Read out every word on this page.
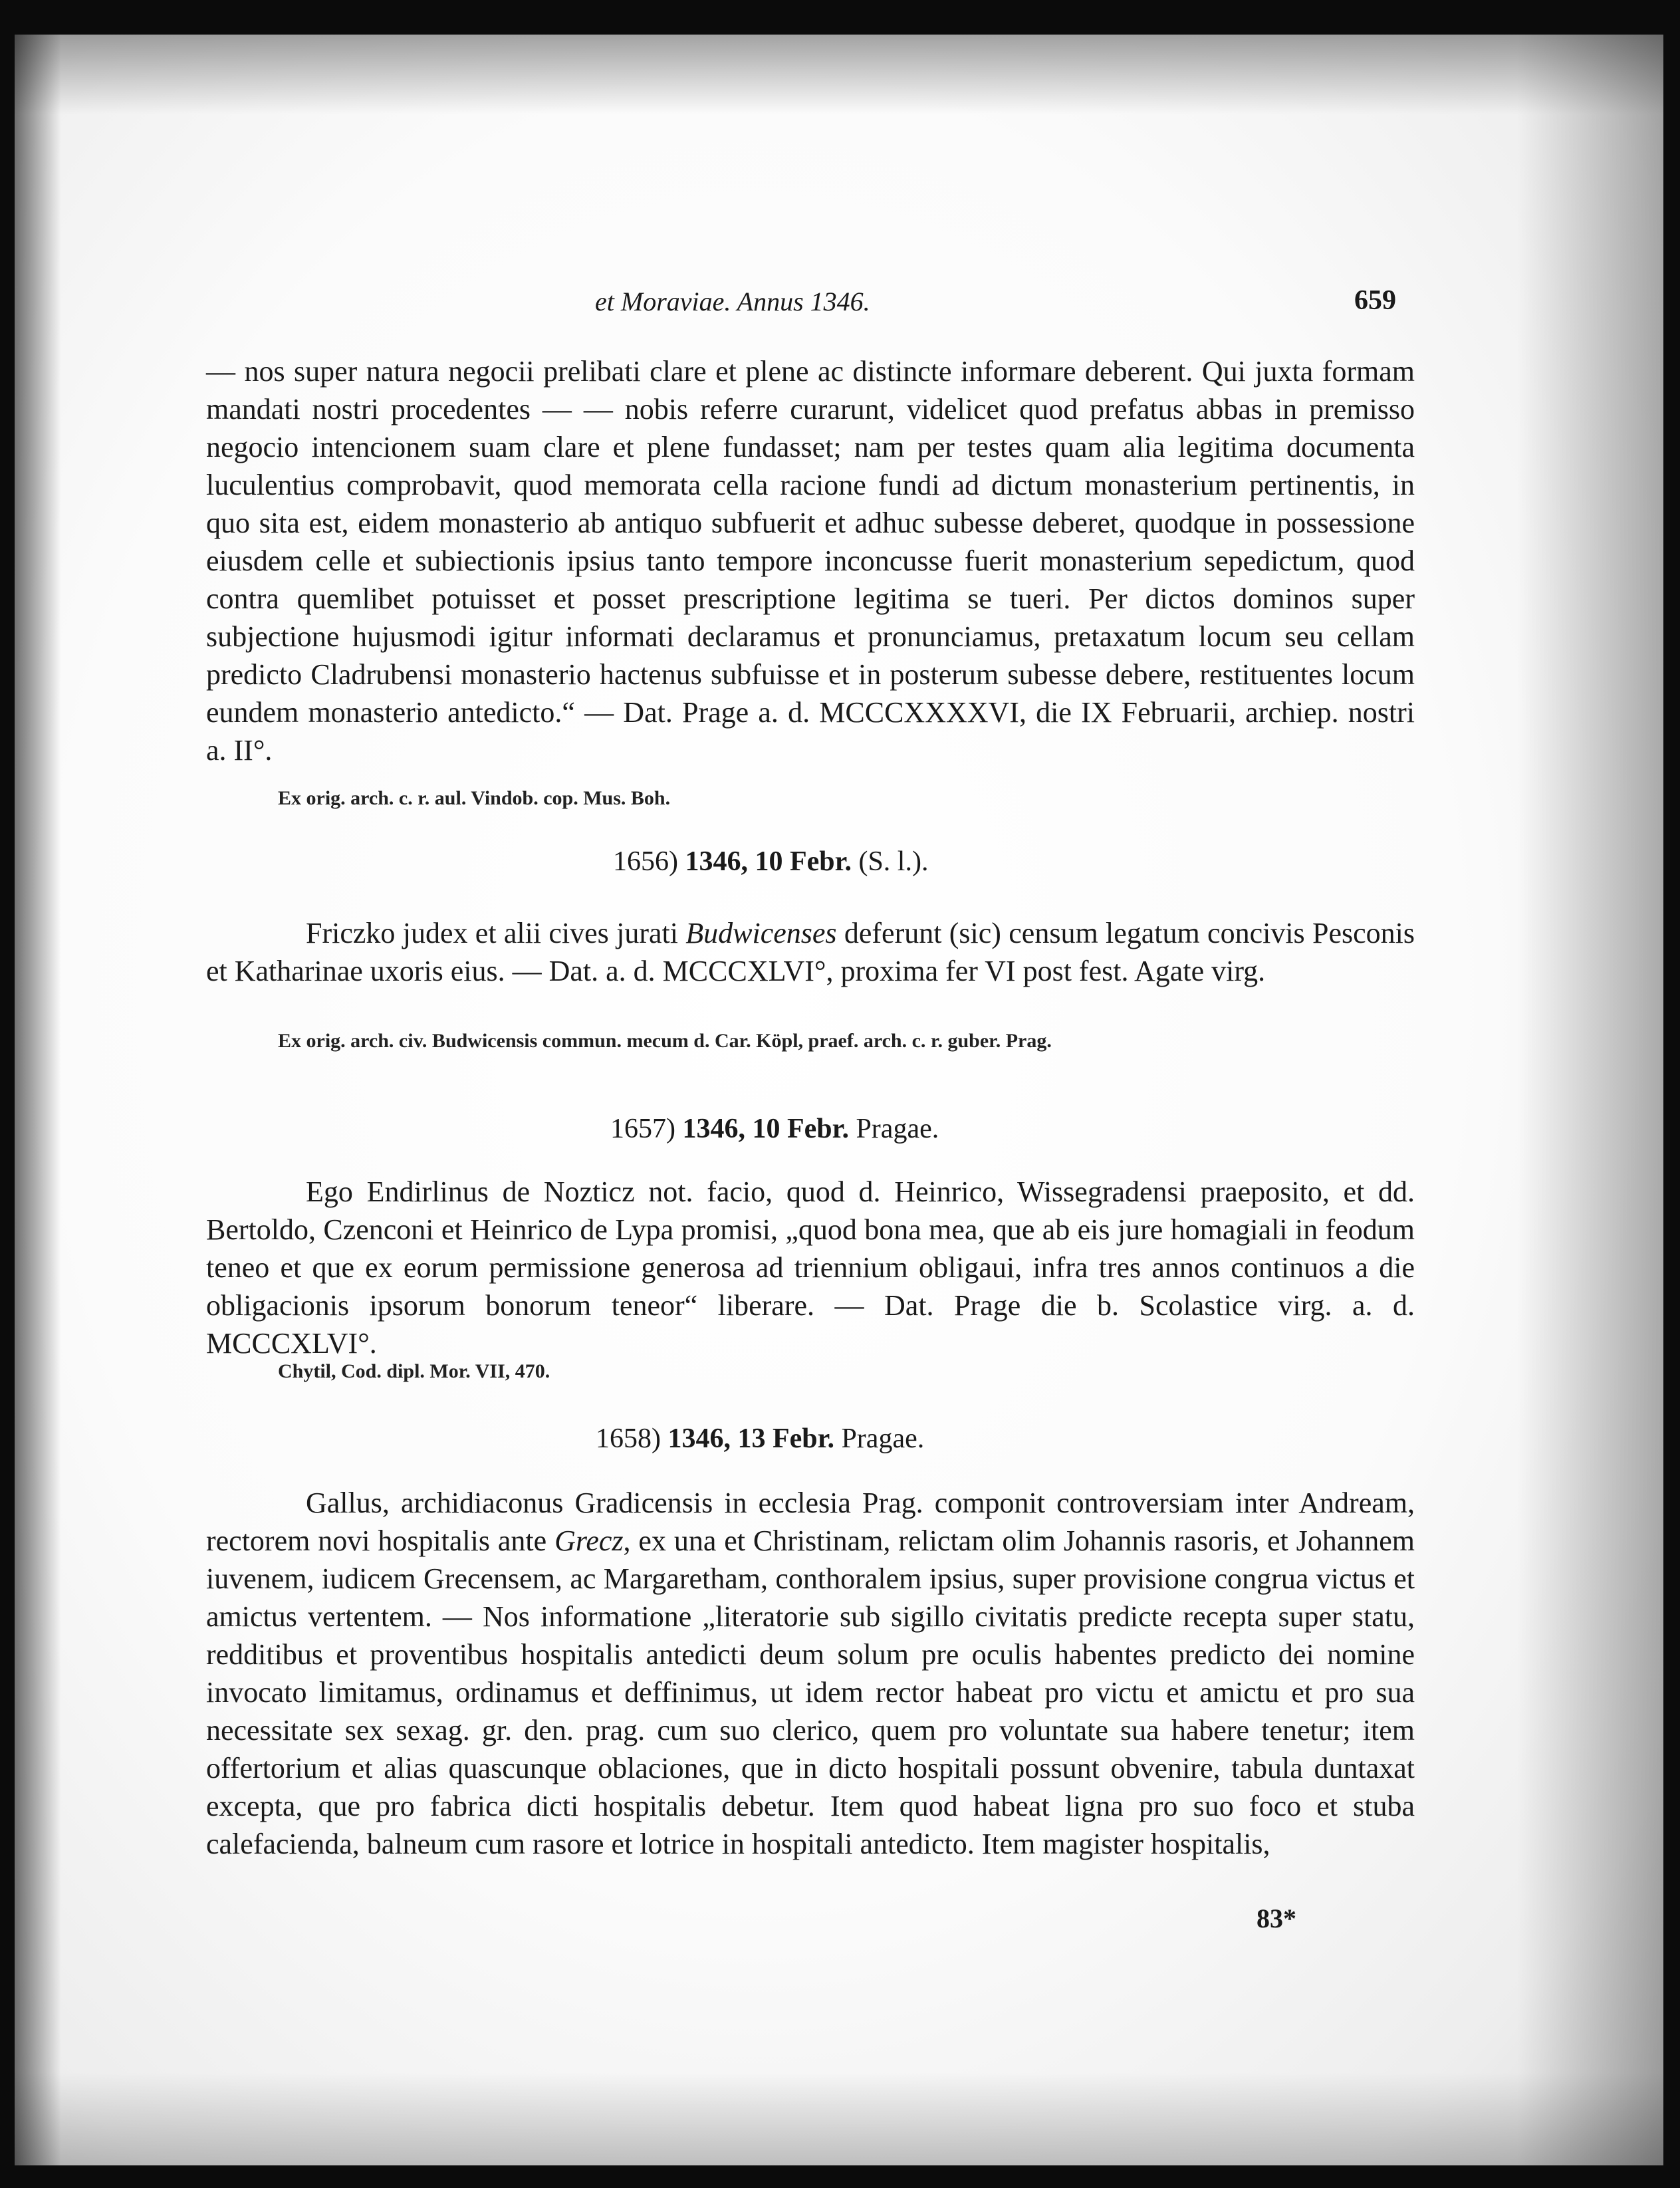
et Moraviae. Annus 1346.	659

— nos super natura negocii prelibati clare et plene ac distincte informare deberent. Qui juxta formam mandati nostri procedentes — — nobis referre curarunt, videlicet quod prefatus abbas in premisso negocio intencionem suam clare et plene fundasset; nam per testes quam alia legitima documenta luculentius comprobavit, quod memorata cella racione fundi ad dictum monasterium pertinentis, in quo sita est, eidem monasterio ab antiquo subfuerit et adhuc subesse deberet, quodque in possessione eiusdem celle et subiectionis ipsius tanto tempore inconcusse fuerit monasterium sepedictum, quod contra quemlibet potuisset et posset prescriptione legitima se tueri. Per dictos dominos super subjectione hujusmodi igitur informati declaramus et pronunciamus, pretaxatum locum seu cellam predicto Cladrubensi monasterio hactenus subfuisse et in posterum subesse debere, restituentes locum eundem monasterio antedicto.“ — Dat. Prage a. d. MCCCXXXXVI, die IX Februarii, archiep. nostri a. II°.

Ex orig. arch. c. r. aul. Vindob. cop. Mus. Boh.
1656) 1346, 10 Febr. (S. l.).
Friczko judex et alii cives jurati Budwicenses deferunt (sic) censum legatum concivis Pesconis et Katharinae uxoris eius. — Dat. a. d. MCCCXLVI°, proxima fer VI post fest. Agate virg.
Ex orig. arch. civ. Budwicensis commun. mecum d. Car. Köpl, praef. arch. c. r. guber. Prag.
1657) 1346, 10 Febr. Pragae.
Ego Endirlinus de Nozticz not. facio, quod d. Heinrico, Wissegradensi praeposito, et dd. Bertoldo, Czenconi et Heinrico de Lypa promisi, „quod bona mea, que ab eis jure homagiali in feodum teneo et que ex eorum permissione generosa ad triennium obligaui, infra tres annos continuos a die obligacionis ipsorum bonorum teneor“ liberare. — Dat. Prage die b. Scolastice virg. a. d. MCCCXLVI°.
Chytil, Cod. dipl. Mor. VII, 470.
1658) 1346, 13 Febr. Pragae.
Gallus, archidiaconus Gradicensis in ecclesia Prag. componit controversiam inter Andream, rectorem novi hospitalis ante Grecz, ex una et Christinam, relictam olim Johannis rasoris, et Johannem iuvenem, iudicem Grecensem, ac Margaretham, conthoralem ipsius, super provisione congrua victus et amictus vertentem. — Nos informatione „literatorie sub sigillo civitatis predicte recepta super statu, redditibus et proventibus hospitalis antedicti deum solum pre oculis habentes predicto dei nomine invocato limitamus, ordinamus et deffinimus, ut idem rector habeat pro victu et amictu et pro sua necessitate sex sexag. gr. den. prag. cum suo clerico, quem pro voluntate sua habere tenetur; item offertorium et alias quascunque oblaciones, que in dicto hospitali possunt obvenire, tabula duntaxat excepta, que pro fabrica dicti hospitalis debetur. Item quod habeat ligna pro suo foco et stuba calefacienda, balneum cum rasore et lotrice in hospitali antedicto. Item magister hospitalis,
83*
